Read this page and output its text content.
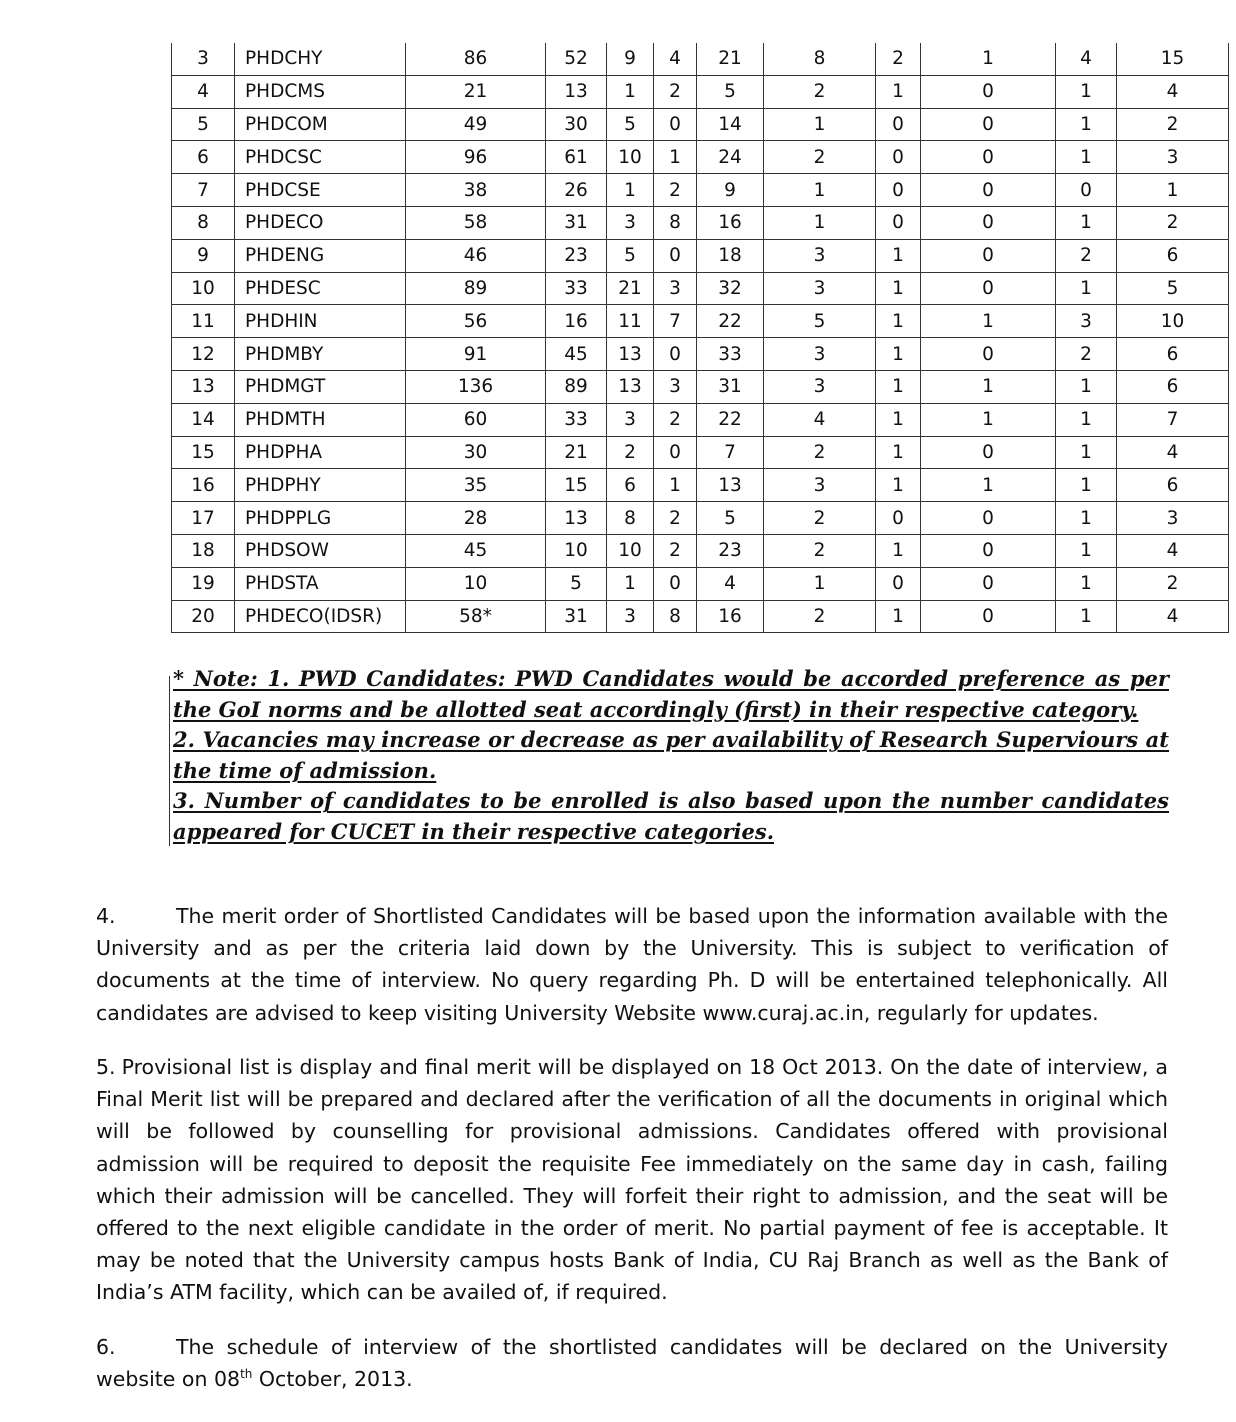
3	PHDCHY	86	52	9	4	21	8	2	1	4	15
4	PHDCMS	21	13	1	2	5	2	1	0	1	4
5	PHDCOM	49	30	5	0	14	1	0	0	1	2
6	PHDCSC	96	61	10	1	24	2	0	0	1	3
7	PHDCSE	38	26	1	2	9	1	0	0	0	1
8	PHDECO	58	31	3	8	16	1	0	0	1	2
9	PHDENG	46	23	5	0	18	3	1	0	2	6
10	PHDESC	89	33	21	3	32	3	1	0	1	5
11	PHDHIN	56	16	11	7	22	5	1	1	3	10
12	PHDMBY	91	45	13	0	33	3	1	0	2	6
13	PHDMGT	136	89	13	3	31	3	1	1	1	6
14	PHDMTH	60	33	3	2	22	4	1	1	1	7
15	PHDPHA	30	21	2	0	7	2	1	0	1	4
16	PHDPHY	35	15	6	1	13	3	1	1	1	6
17	PHDPPLG	28	13	8	2	5	2	0	0	1	3
18	PHDSOW	45	10	10	2	23	2	1	0	1	4
19	PHDSTA	10	5	1	0	4	1	0	0	1	2
20	PHDECO(IDSR)	58*	31	3	8	16	2	1	0	1	4

* Note: 1. PWD Candidates: PWD Candidates would be accorded preference as per the GoI norms and be allotted seat accordingly (first) in their respective category.

2. Vacancies may increase or decrease as per availability of Research Superviours at the time of admission.

3. Number of candidates to be enrolled is also based upon the number candidates appeared for CUCET in their respective categories.

4.	The merit order of Shortlisted Candidates will be based upon the information available with the University and as per the criteria laid down by the University. This is subject to verification of documents at the time of interview. No query regarding Ph. D will be entertained telephonically. All candidates are advised to keep visiting University Website www.curaj.ac.in, regularly for updates.

5. Provisional list is display and final merit will be displayed on 18 Oct 2013. On the date of interview, a Final Merit list will be prepared and declared after the verification of all the documents in original which will be followed by counselling for provisional admissions. Candidates offered with provisional admission will be required to deposit the requisite Fee immediately on the same day in cash, failing which their admission will be cancelled. They will forfeit their right to admission, and the seat will be offered to the next eligible candidate in the order of merit. No partial payment of fee is acceptable. It may be noted that the University campus hosts Bank of India, CU Raj Branch as well as the Bank of India’s ATM facility, which can be availed of, if required.

6.	The schedule of interview of the shortlisted candidates will be declared on the University website on 08th October, 2013.
